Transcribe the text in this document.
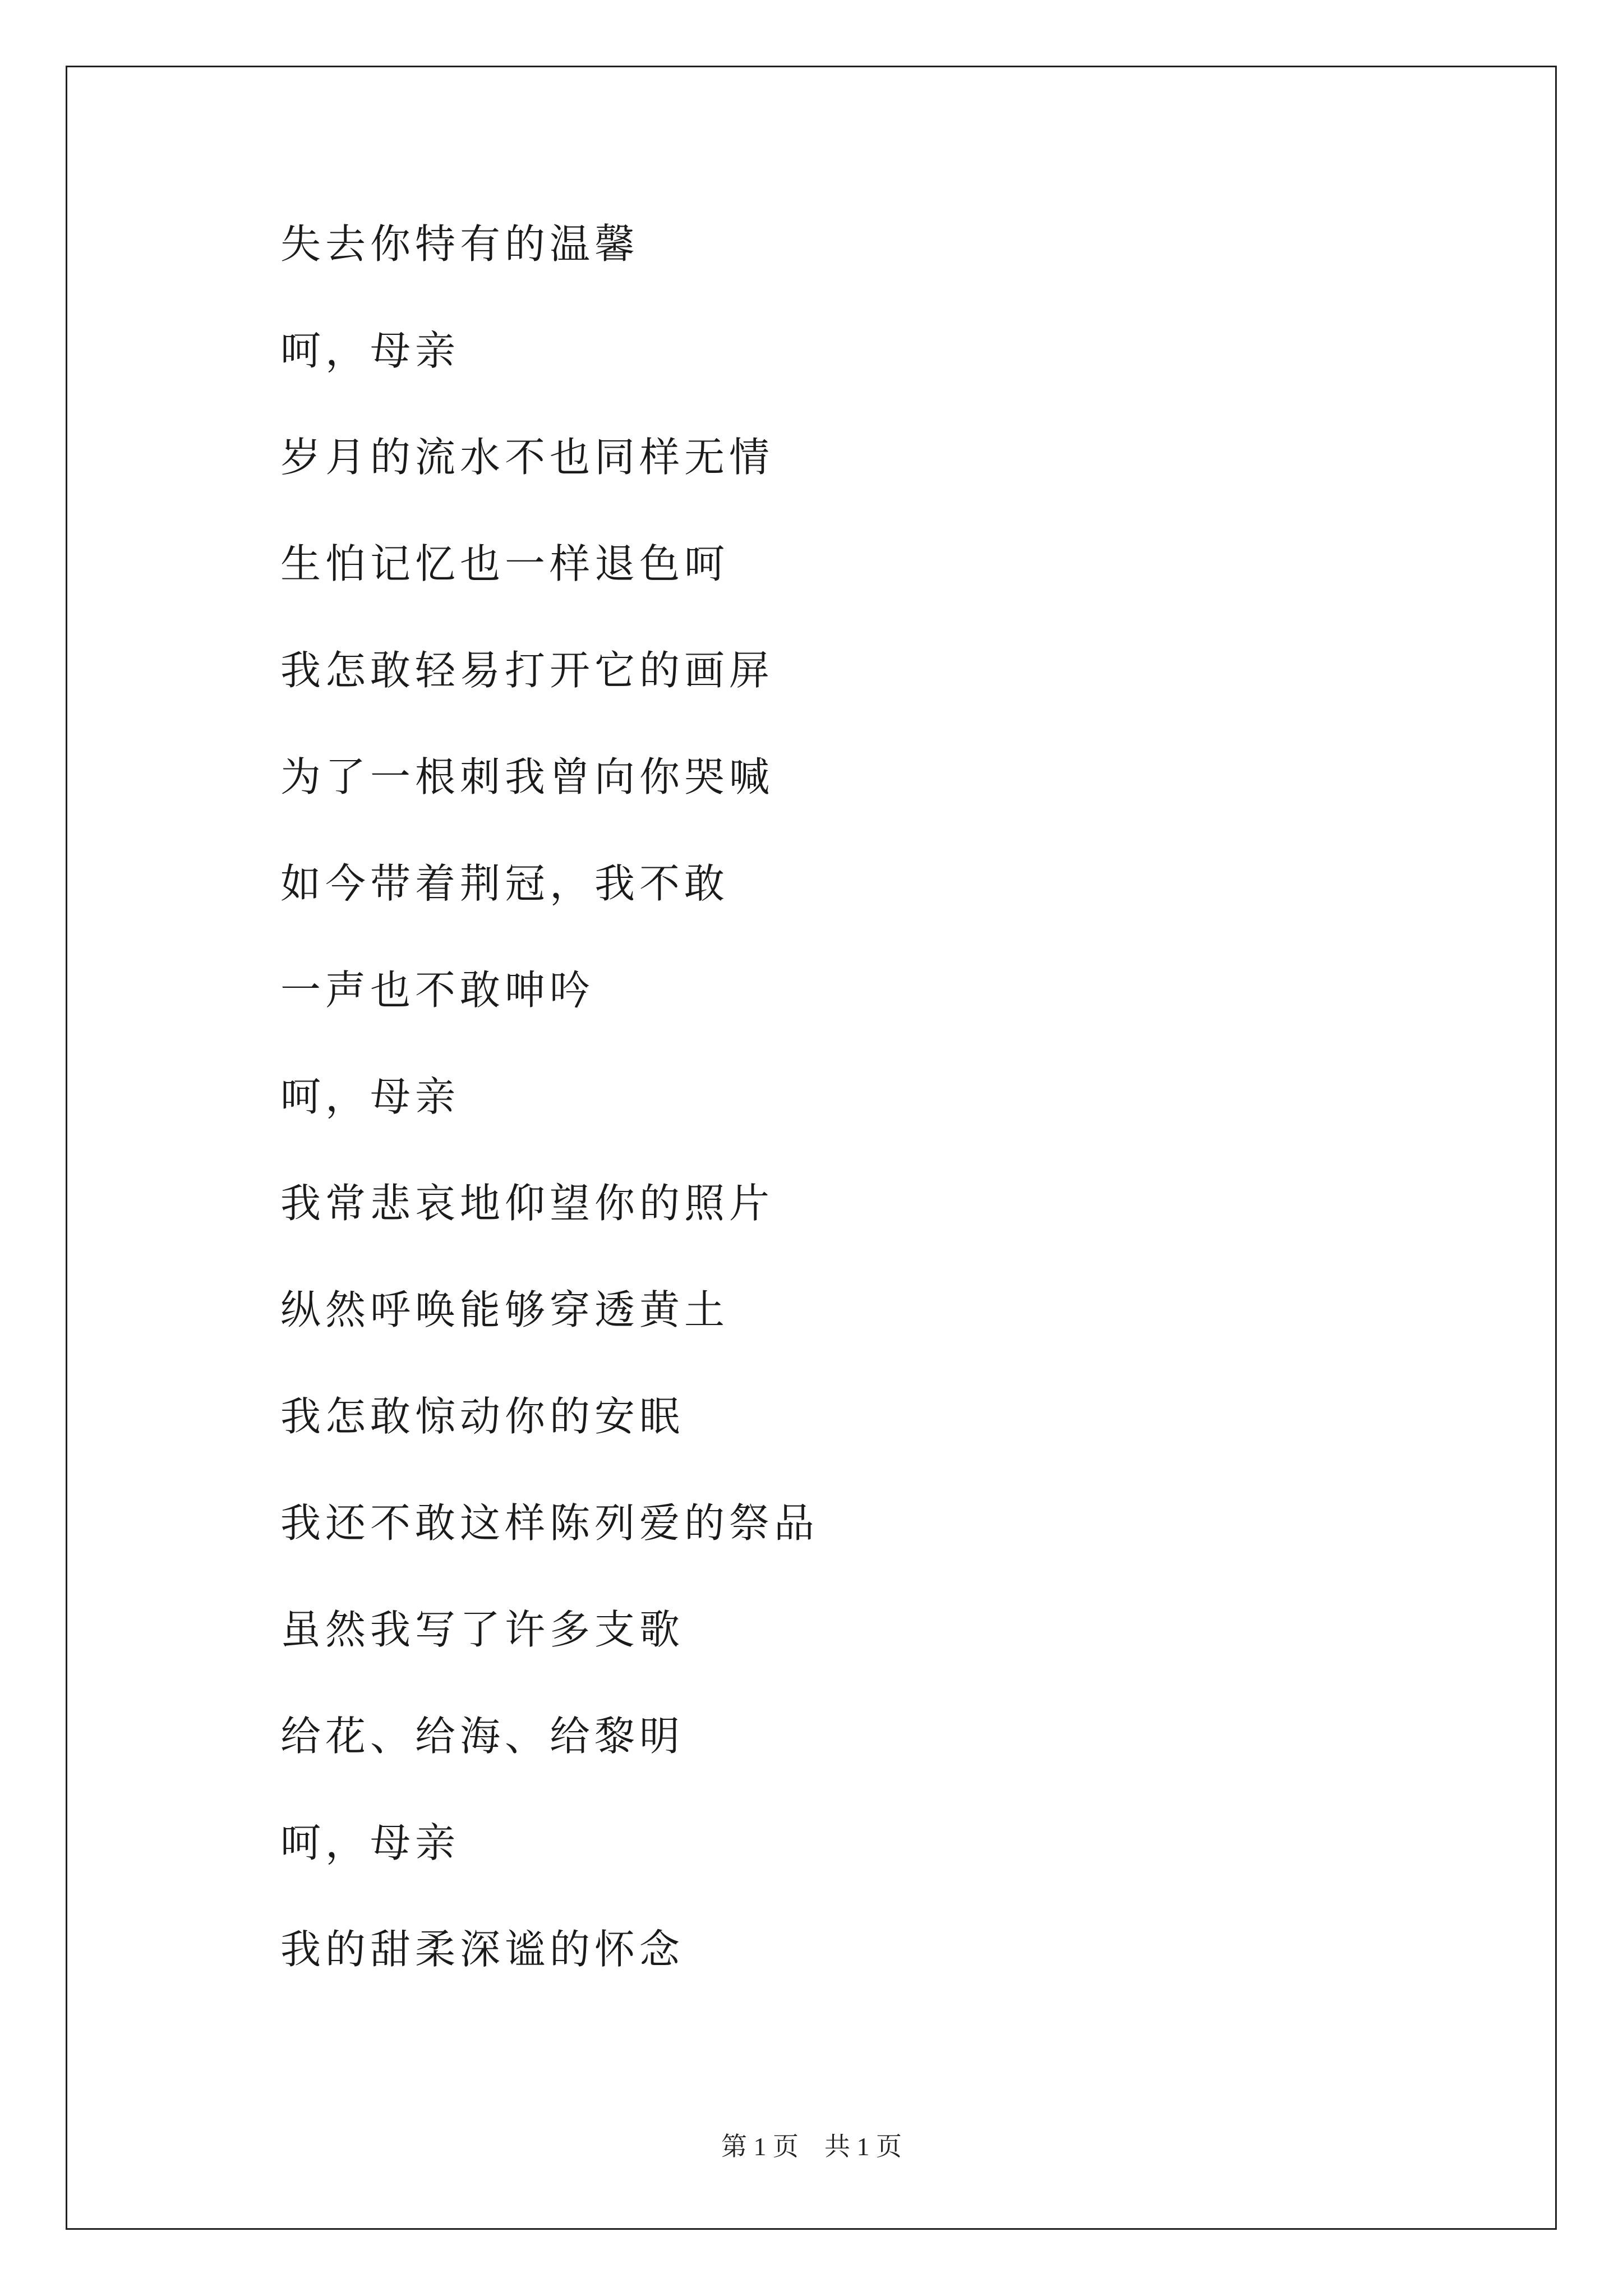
失去你特有的温馨
呵，母亲
岁月的流水不也同样无情
生怕记忆也一样退色呵
我怎敢轻易打开它的画屏
为了一根刺我曾向你哭喊
如今带着荆冠，我不敢
一声也不敢呻吟
呵，母亲
我常悲哀地仰望你的照片
纵然呼唤能够穿透黄土
我怎敢惊动你的安眠
我还不敢这样陈列爱的祭品
虽然我写了许多支歌
给花、给海、给黎明
呵，母亲
我的甜柔深谧的怀念
第 1 页    共 1 页
